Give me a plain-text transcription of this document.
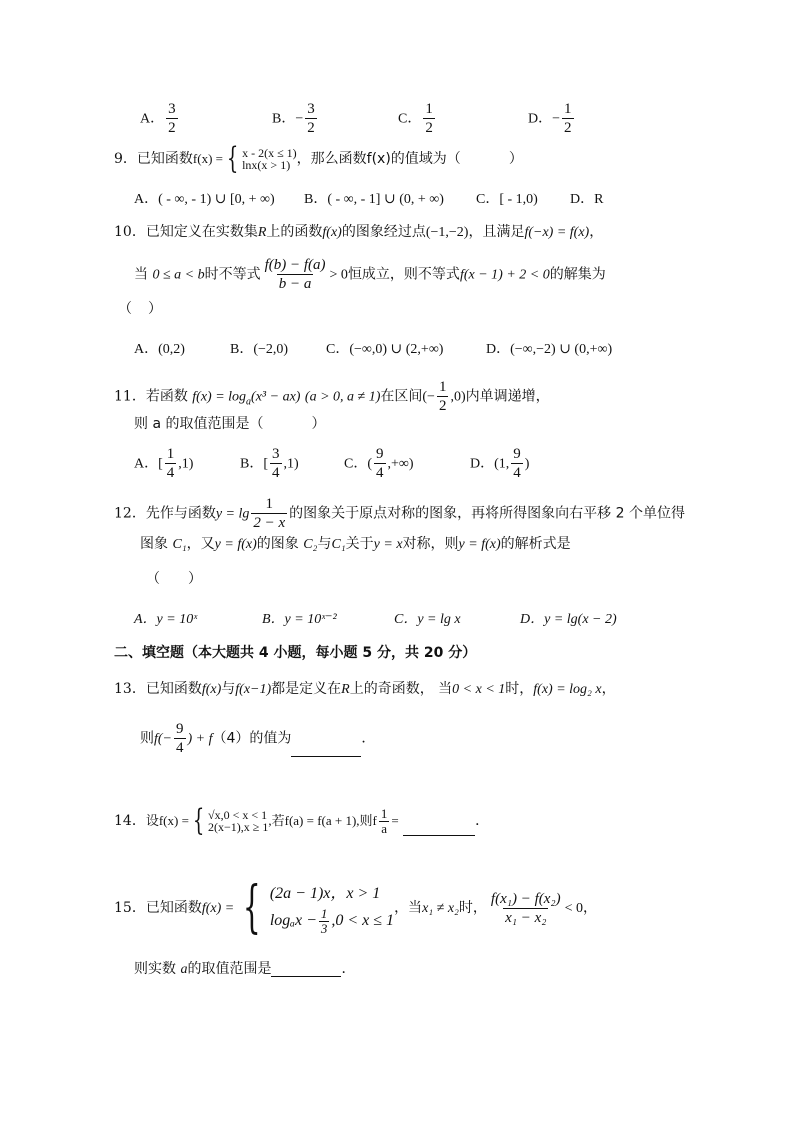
A． $\frac{3}{2}$	B．− $\frac{3}{2}$	C． $\frac{1}{2}$	D．− $\frac{1}{2}$
9．已知函数f(x) = { x - 2(x ≤ 1)
lnx(x > 1) ，那么函数f(x)的值域为（	）
A．( - ∞, - 1) ∪ [0, + ∞) B．( - ∞, - 1] ∪ (0, + ∞) C．[ - 1,0) D．R
10．已知定义在实数集R上的函数f(x)的图象经过点(−1,−2)，且满足f(−x) = f(x)，
当 0 ≤ a < b时不等式 $\frac{f(b) - f(a)}{b - a} > 0$恒成立，则不等式f(x − 1) + 2 < 0的解集为
（ ）
A．(0,2)	B．(−2,0)	C．(−∞,0) ∪ (2,+∞)	D．(−∞,−2) ∪ (0,+∞)
11．若函数 $f(x) = \log_a(x^3 - ax) (a > 0$, a ≠ 1)在区间(− $\frac{1}{2} ,0$)内单调递增，
则 a 的取值范围是（	）
A．[ $\frac{1}{4} ,1$)	B．[ $\frac{3}{4} ,1$)	C．( $\frac{9}{4}$ ,+∞)	D．(1, $\frac{9}{4}$ )
12．先作与函数$y = \lg \frac{1}{2 - x}$ 的图象关于原点对称的图象，再将所得图象向右平移 2 个单位得
图象 C₁，又y = f(x)的图象 C₂与C₁关于y = x对称，则y = f(x)的解析式是
（　　）
A．y = 10ˣ	B．y = 10ˣ⁻²	C．y = lg x	D．y = lg(x − 2)
二、填空题（本大题共 4 小题，每小题 5 分，共 20 分）
13．已知函数f(x)与f(x−1)都是定义在R上的奇函数， 当0 < x < 1时，f(x) = log₂ x，
则$f(- \frac{9}{4}$ ) + f（4）的值为	．
14．设f(x) = { √x,0 < x < 1
2(x−1),x ≥ 1 ,若f(a) = f(a + 1),则f $\frac{1}{a}$ =	．
15．已知函数f(x) = { (2a − 1)x，x > 1
$\log_ax - \frac{1}{3} ,0 < x \le 1$
，当x₁ ≠ x₂时， $\frac{\text{f(x₁) − f(x₂)}}{\text{x₁ − x₂}} < 0$，
则实数 a的取值范围是	．
